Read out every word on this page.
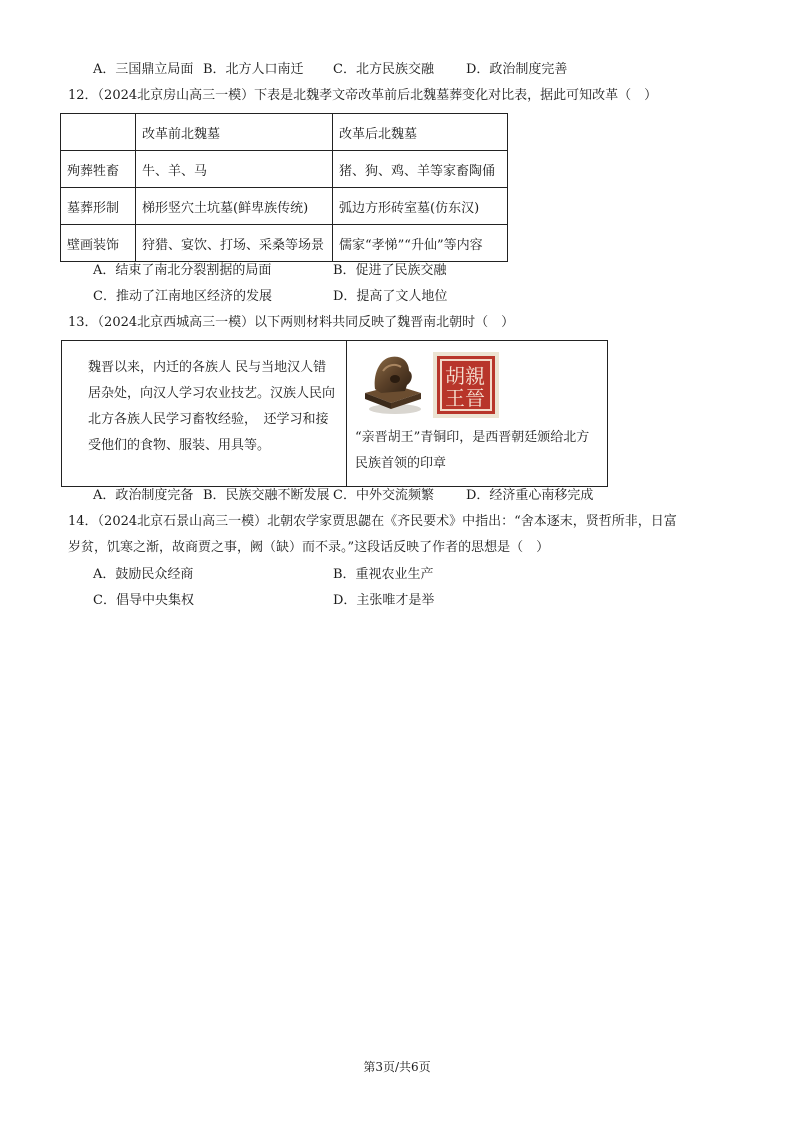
A．三国鼎立局面 B．北方人口南迁 C．北方民族交融 D．政治制度完善
12．（2024北京房山高三一模）下表是北魏孝文帝改革前后北魏墓葬变化对比表，据此可知改革（　）
	改革前北魏墓	改革后北魏墓
殉葬牲畜	牛、羊、马	猪、狗、鸡、羊等家畜陶俑
墓葬形制	梯形竖穴土坑墓(鲜卑族传统)	弧边方形砖室墓(仿东汉)
壁画装饰	狩猎、宴饮、打场、采桑等场景	儒家“孝悌”“升仙”等内容
A．结束了南北分裂割据的局面	B．促进了民族交融
C．推动了江南地区经济的发展	D．提高了文人地位
13．（2024北京西城高三一模）以下两则材料共同反映了魏晋南北朝时（　）
魏晋以来，内迁的各族人 民与当地汉人错
居杂处，向汉人学习农业技艺。汉族人民向
北方各族人民学习畜牧经验，　还学习和接
受他们的食物、服装、用具等。
親
晉
胡
王
“亲晋胡王”青铜印，是西晋朝廷颁给北方
民族首领的印章
A．政治制度完备 B．民族交融不断发展 C．中外交流频繁 D．经济重心南移完成
14．（2024北京石景山高三一模）北朝农学家贾思勰在《齐民要术》中指出：“舍本逐末，贤哲所非，日富
岁贫，饥寒之渐，故商贾之事，阙（缺）而不录。”这段话反映了作者的思想是（　）
A．鼓励民众经商	B．重视农业生产
C．倡导中央集权	D．主张唯才是举
第3页/共6页
